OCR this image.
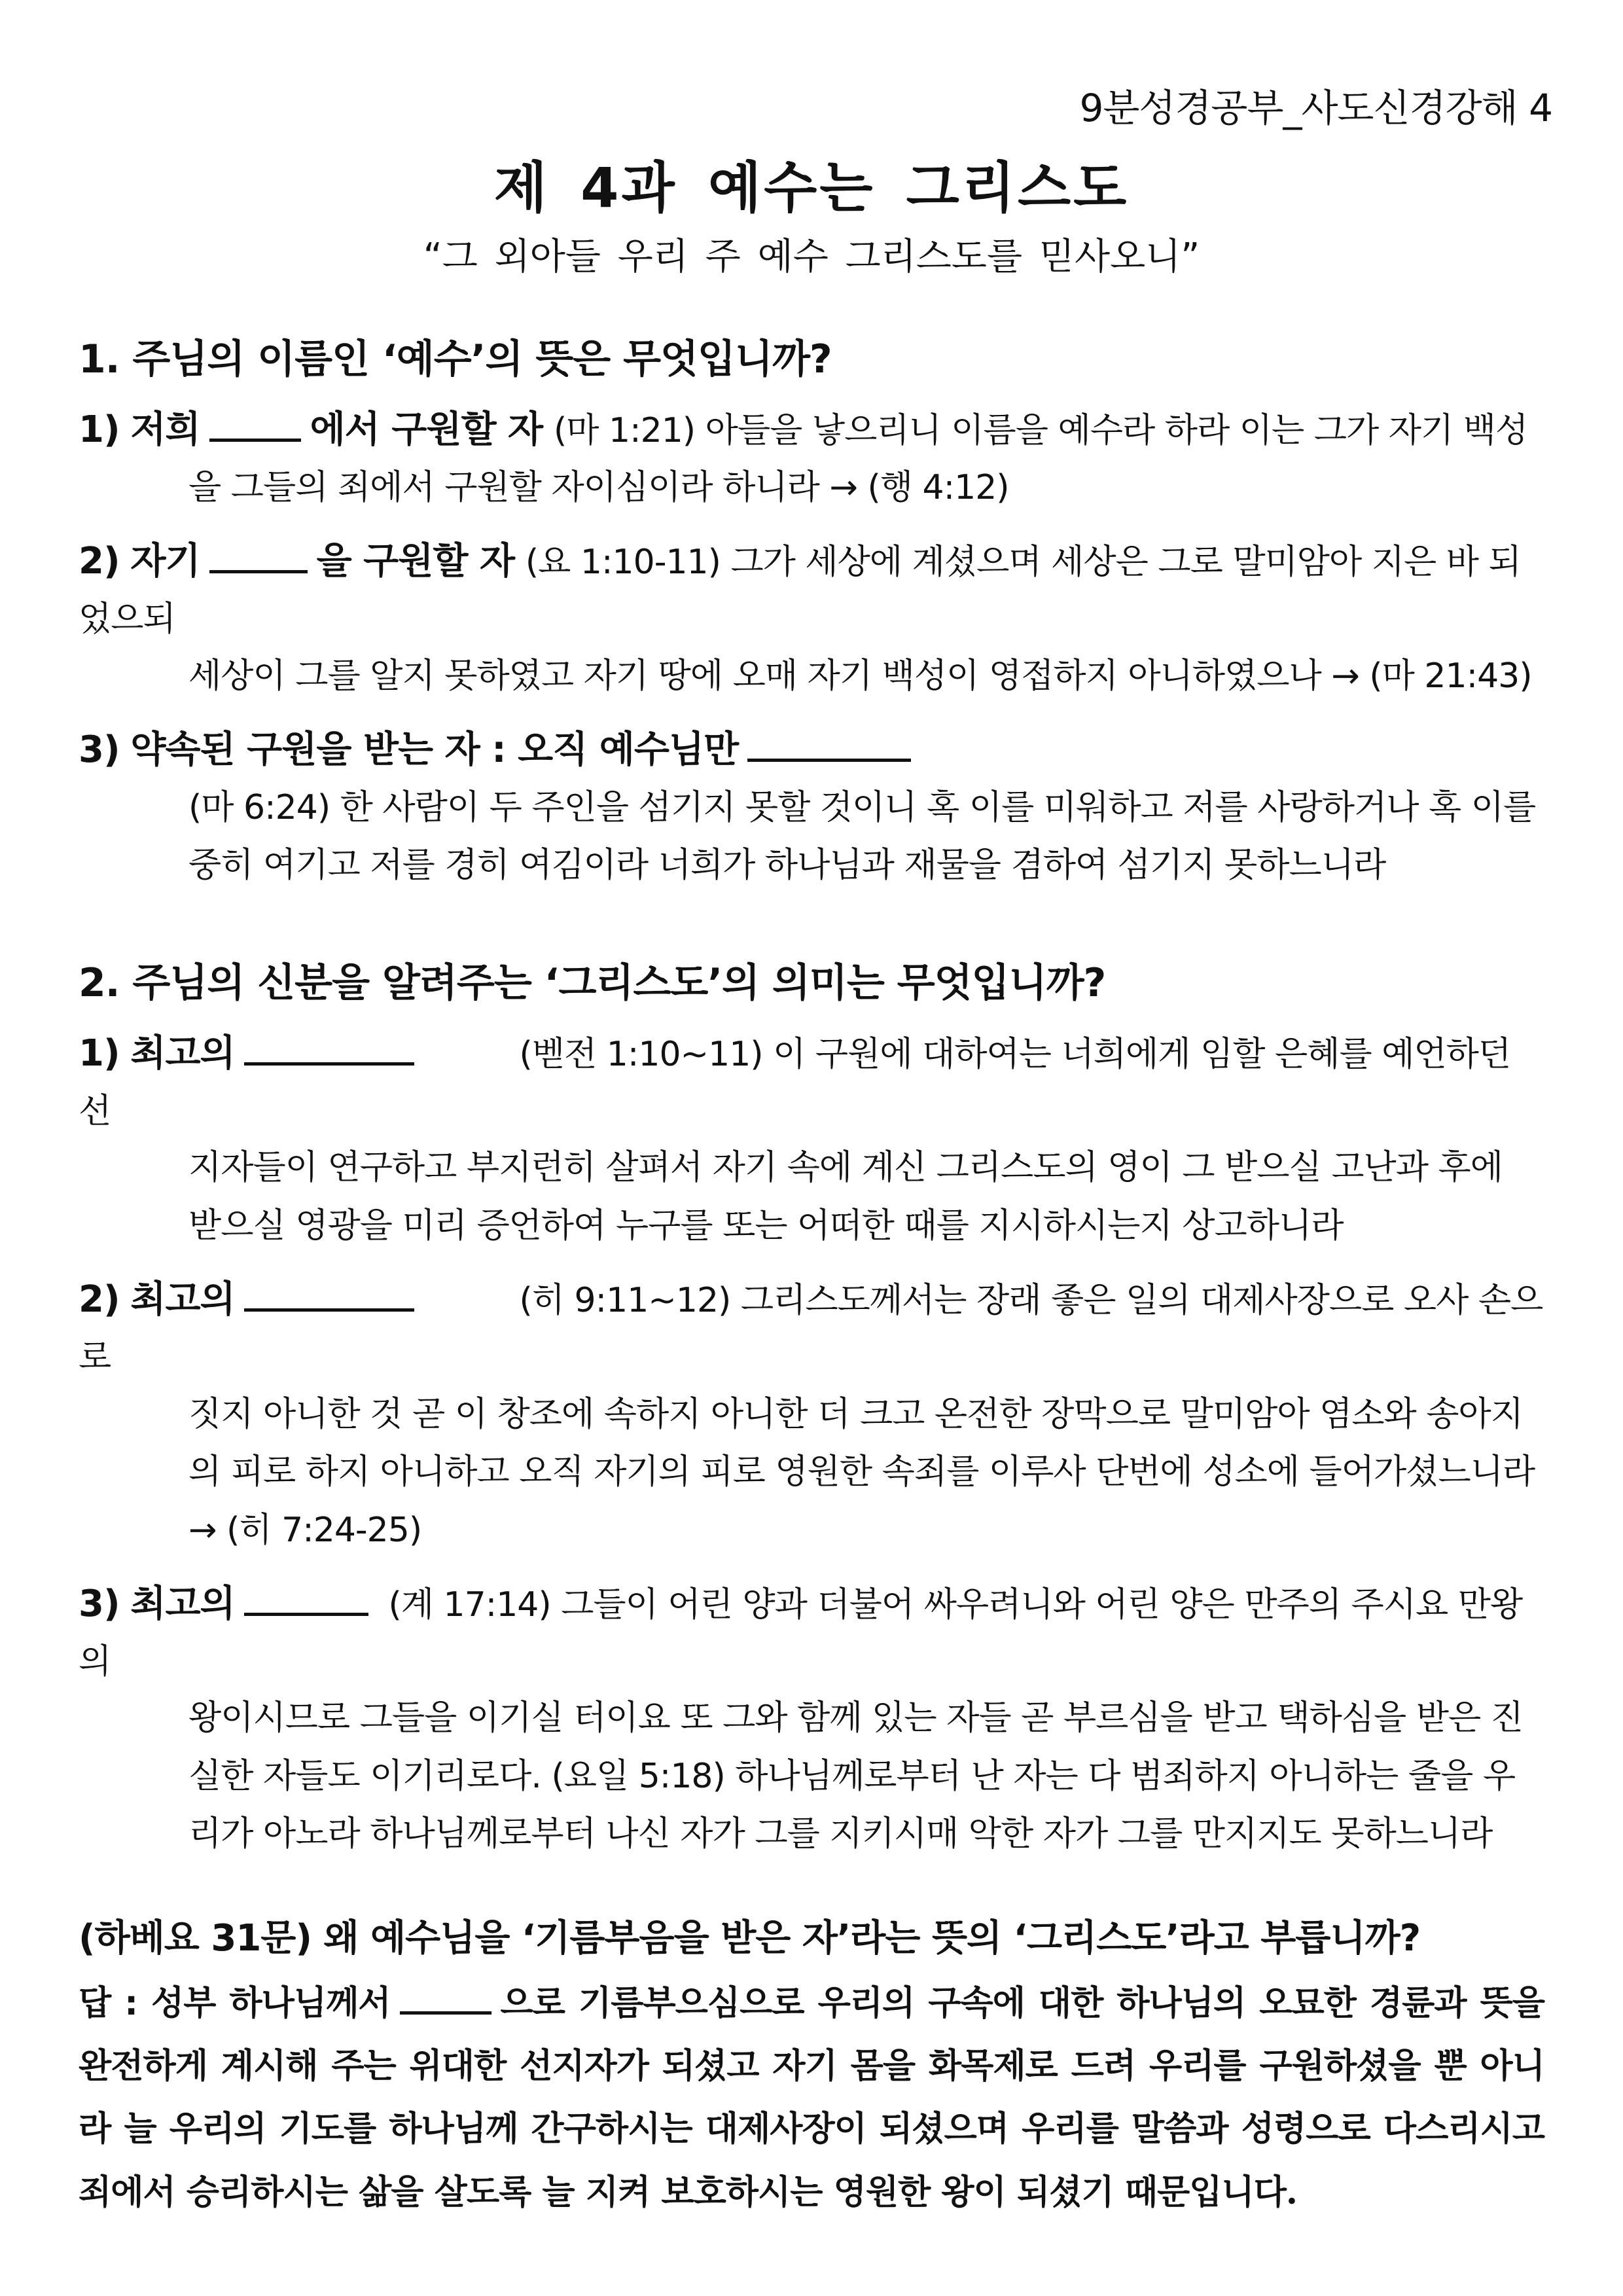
9분성경공부_사도신경강해 4
제 4과 예수는 그리스도
“그 외아들 우리 주 예수 그리스도를 믿사오니”
1. 주님의 이름인 ‘예수’의 뜻은 무엇입니까?
1) 저희	에서 구원할 자 (마 1:21) 아들을 낳으리니 이름을 예수라 하라 이는 그가 자기 백성
을 그들의 죄에서 구원할 자이심이라 하니라 → (행 4:12)
2) 자기	을 구원할 자 (요 1:10-11) 그가 세상에 계셨으며 세상은 그로 말미암아 지은 바 되었으되
세상이 그를 알지 못하였고 자기 땅에 오매 자기 백성이 영접하지 아니하였으나 → (마 21:43)
3) 약속된 구원을 받는 자 : 오직 예수님만
(마 6:24) 한 사람이 두 주인을 섬기지 못할 것이니 혹 이를 미워하고 저를 사랑하거나 혹 이를 중히 여기고 저를 경히 여김이라 너희가 하나님과 재물을 겸하여 섬기지 못하느니라
2. 주님의 신분을 알려주는 ‘그리스도’의 의미는 무엇입니까?
1) 최고의	(벧전 1:10~11) 이 구원에 대하여는 너희에게 임할 은혜를 예언하던 선
지자들이 연구하고 부지런히 살펴서 자기 속에 계신 그리스도의 영이 그 받으실 고난과 후에 받으실 영광을 미리 증언하여 누구를 또는 어떠한 때를 지시하시는지 상고하니라
2) 최고의	(히 9:11~12) 그리스도께서는 장래 좋은 일의 대제사장으로 오사 손으로
짓지 아니한 것 곧 이 창조에 속하지 아니한 더 크고 온전한 장막으로 말미암아 염소와 송아지의 피로 하지 아니하고 오직 자기의 피로 영원한 속죄를 이루사 단번에 성소에 들어가셨느니라 → (히 7:24-25)
3) 최고의	(계 17:14) 그들이 어린 양과 더불어 싸우려니와 어린 양은 만주의 주시요 만왕의
왕이시므로 그들을 이기실 터이요 또 그와 함께 있는 자들 곧 부르심을 받고 택하심을 받은 진실한 자들도 이기리로다. (요일 5:18) 하나님께로부터 난 자는 다 범죄하지 아니하는 줄을 우리가 아노라 하나님께로부터 나신 자가 그를 지키시매 악한 자가 그를 만지지도 못하느니라
(하베요 31문) 왜 예수님을 ‘기름부음을 받은 자’라는 뜻의 ‘그리스도’라고 부릅니까?
답 : 성부 하나님께서	으로 기름부으심으로 우리의 구속에 대한 하나님의 오묘한 경륜과 뜻을 완전하게 계시해 주는 위대한 선지자가 되셨고 자기 몸을 화목제로 드려 우리를 구원하셨을 뿐 아니라 늘 우리의 기도를 하나님께 간구하시는 대제사장이 되셨으며 우리를 말씀과 성령으로 다스리시고 죄에서 승리하시는 삶을 살도록 늘 지켜 보호하시는 영원한 왕이 되셨기 때문입니다.
